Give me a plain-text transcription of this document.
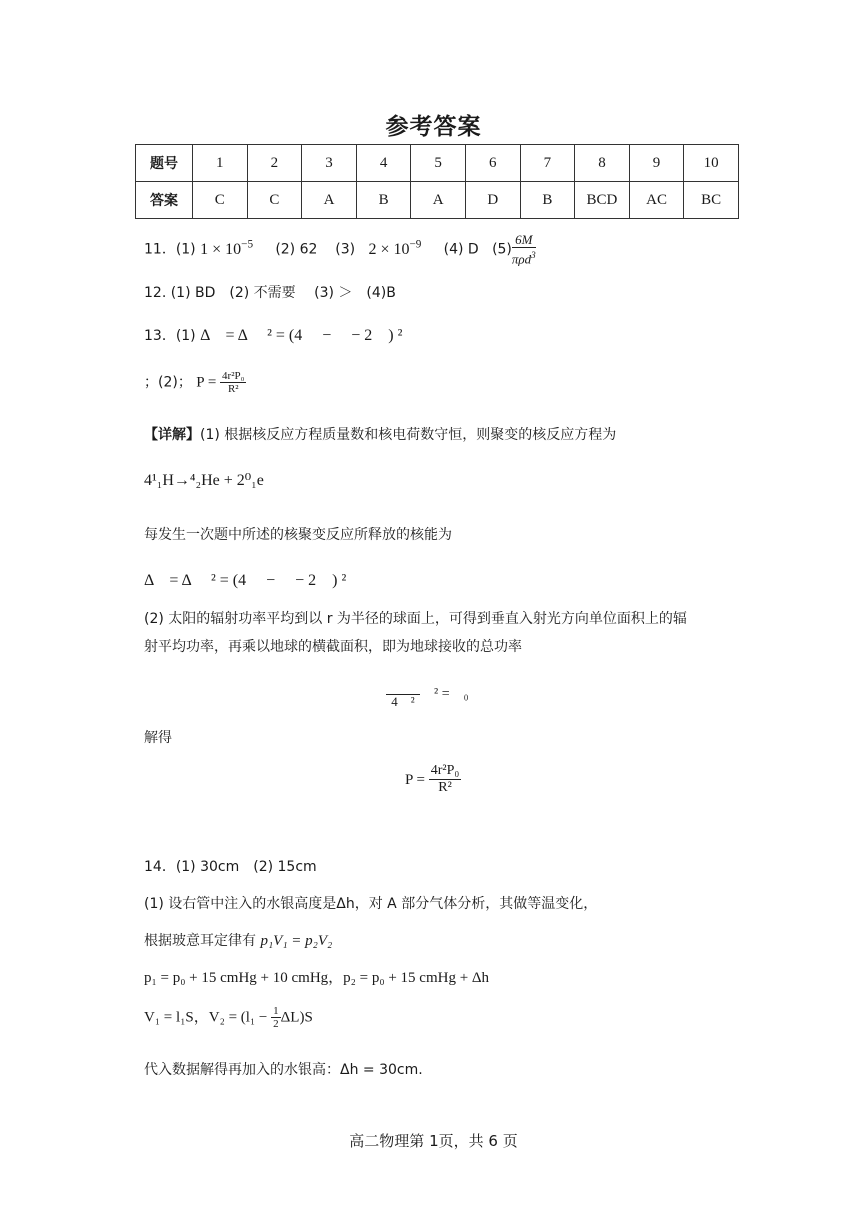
参考答案
题号	1	2	3	4	5	6	7	8	9	10
答案	C	C	A	B	A	D	B	BCD	AC	BC
11．(1) $1 \times 10^{-5}$ (2) 62 (3) $2 \times 10^{-9}$ (4) D $(5) \frac{6M}{\pi\rho d^3}$
12. (1) BD　(2) 不需要　 (3) ＞　(4)B
13．(1) Δ　= Δ　 ² = (4　 −　 − 2　) ²
；(2)； $P = \frac{\text{4r²P₀}}{\text{R²}}$
【详解】(1) 根据核反应方程质量数和核电荷数守恒，则聚变的核反应方程为
4¹₁H→⁴₂He + 2⁰₁e
每发生一次题中所述的核聚变反应所释放的核能为
Δ　= Δ　 ² = (4　 −　 − 2　) ²
(2) 太阳的辐射功率平均到以 r 为半径的球面上，可得到垂直入射光方向单位面积上的辐
射平均功率，再乘以地球的横截面积，即为地球接收的总功率

4　²	² =　₀
解得
$P = \frac{\text{4r²P₀}}{\text{R²}}$
14．(1) 30cm　(2) 15cm
(1) 设右管中注入的水银高度是Δh，对 A 部分气体分析，其做等温变化，
根据玻意耳定律有 p₁V₁ = p₂V₂
p₁ = p₀ + 15 cmHg + 10 cmHg，p₂ = p₀ + 15 cmHg + Δh
V₁ = l₁S，$V_2 = (l_1 - \frac{1}{2} \Delta L)S$
代入数据解得再加入的水银高：Δh = 30cm.
高二物理第 1页，共 6 页
